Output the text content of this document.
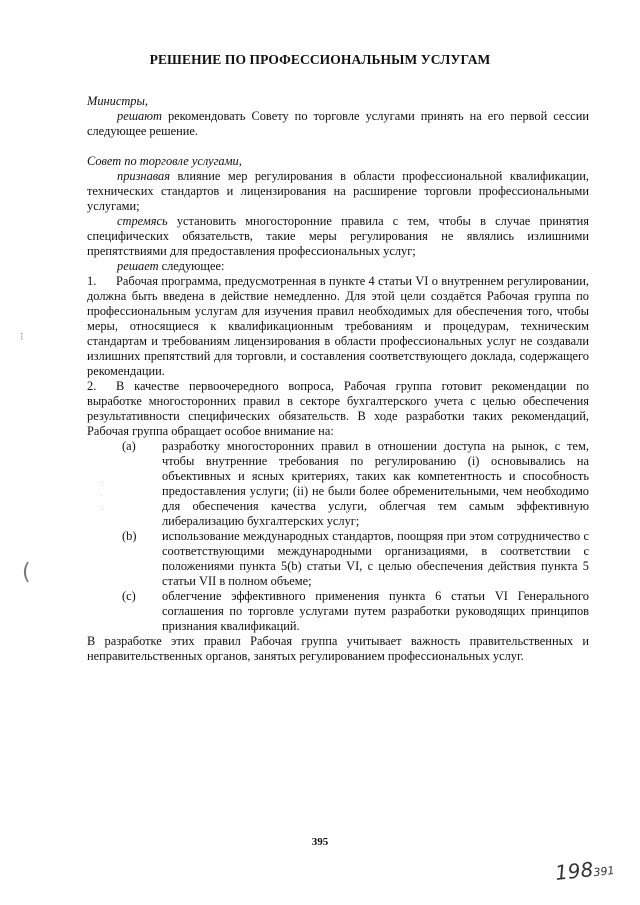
РЕШЕНИЕ ПО ПРОФЕССИОНАЛЬНЫМ УСЛУГАМ

Министры,

решают рекомендовать Совету по торговле услугами принять на его первой сессии следующее решение.

Совет по торговле услугами,

признавая влияние мер регулирования в области профессиональной квалификации, технических стандартов и лицензирования на расширение торговли профессиональными услугами;

стремясь установить многосторонние правила с тем, чтобы в случае принятия специфических обязательств, такие меры регулирования не являлись излишними препятствиями для предоставления профессиональных услуг;

решает следующее:

1. Рабочая программа, предусмотренная в пункте 4 статьи VI о внутреннем регулировании, должна быть введена в действие немедленно. Для этой цели создаётся Рабочая группа по профессиональным услугам для изучения правил необходимых для обеспечения того, чтобы меры, относящиеся к квалификационным требованиям и процедурам, техническим стандартам и требованиям лицензирования в области профессиональных услуг не создавали излишних препятствий для торговли, и составления соответствующего доклада, содержащего рекомендации.

2. В качестве первоочередного вопроса, Рабочая группа готовит рекомендации по выработке многосторонних правил в секторе бухгалтерского учета с целью обеспечения результативности специфических обязательств. В ходе разработки таких рекомендаций, Рабочая группа обращает особое внимание на:

(a)	разработку многосторонних правил в отношении доступа на рынок, с тем, чтобы внутренние требования по регулированию (i) основывались на объективных и ясных критериях, таких как компетентность и способность предоставления услуги; (ii) не были более обременительными, чем необходимо для обеспечения качества услуги, облегчая тем самым эффективную либерализацию бухгалтерских услуг;
(b)	использование международных стандартов, поощряя при этом сотрудничество с соответствующими международными организациями, в соответствии с положениями пункта 5(b) статьи VI, с целью обеспечения действия пункта 5 статьи VII в полном объеме;
(c)	облегчение эффективного применения пункта 6 статьи VI Генерального соглашения по торговле услугами путем разработки руководящих принципов признания квалификаций.

В разработке этих правил Рабочая группа учитывает важность правительственных и неправительственных органов, занятых регулированием профессиональных услуг.

395
198391
⁝
(
∵
·
∴
